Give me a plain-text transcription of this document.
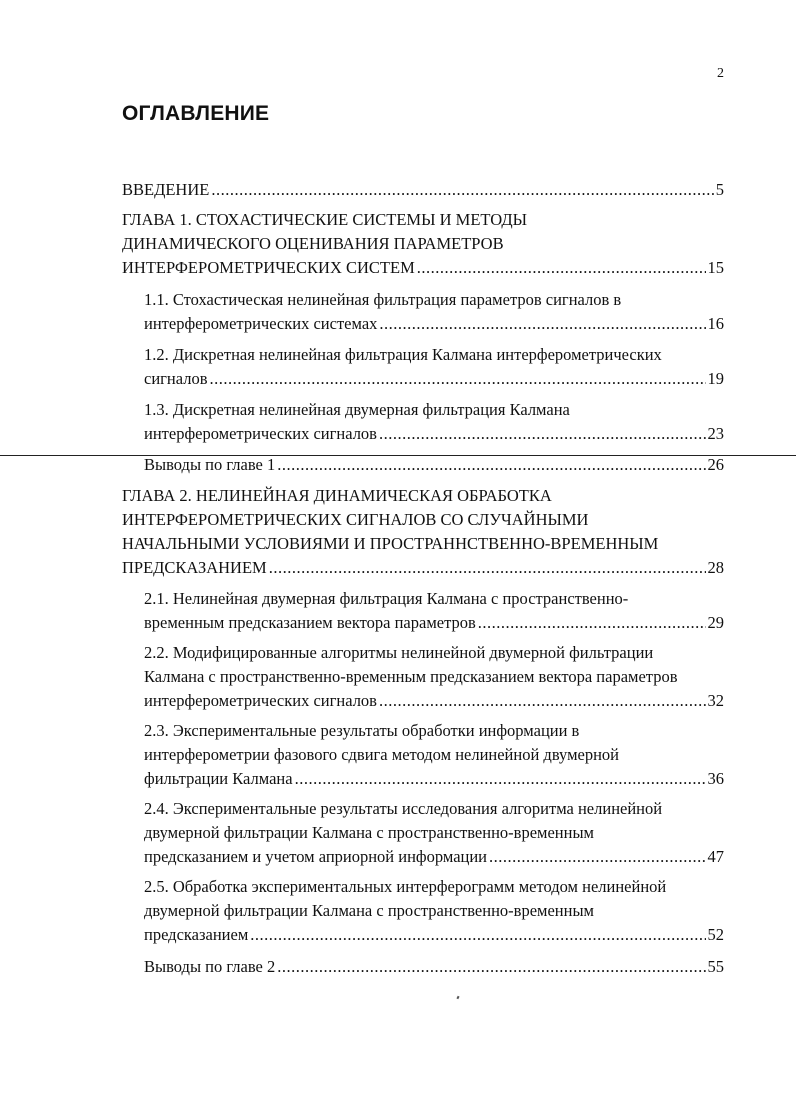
2
ОГЛАВЛЕНИЕ
ВВЕДЕНИЕ .....	5
ГЛАВА 1. СТОХАСТИЧЕСКИЕ СИСТЕМЫ И МЕТОДЫ
ДИНАМИЧЕСКОГО ОЦЕНИВАНИЯ ПАРАМЕТРОВ
ИНТЕРФЕРОМЕТРИЧЕСКИХ СИСТЕМ .....	15
1.1. Стохастическая нелинейная фильтрация параметров сигналов в
интерферометрических системах .....	16
1.2. Дискретная нелинейная фильтрация Калмана интерферометрических
сигналов .....	19
1.3. Дискретная нелинейная двумерная фильтрация Калмана
интерферометрических сигналов .....	23
Выводы по главе 1 .....	26
ГЛАВА 2. НЕЛИНЕЙНАЯ ДИНАМИЧЕСКАЯ ОБРАБОТКА
ИНТЕРФЕРОМЕТРИЧЕСКИХ СИГНАЛОВ СО СЛУЧАЙНЫМИ
НАЧАЛЬНЫМИ УСЛОВИЯМИ И ПРОСТРАННСТВЕННО-ВРЕМЕННЫМ
ПРЕДСКАЗАНИЕМ .....	28
2.1. Нелинейная двумерная фильтрация Калмана с пространственно-
временным предсказанием вектора параметров .....	29
2.2. Модифицированные алгоритмы нелинейной двумерной фильтрации
Калмана с пространственно-временным предсказанием вектора параметров
интерферометрических сигналов .....	32
2.3. Экспериментальные результаты обработки информации в
интерферометрии фазового сдвига методом нелинейной двумерной
фильтрации Калмана .....	36
2.4. Экспериментальные результаты исследования алгоритма нелинейной
двумерной фильтрации Калмана с пространственно-временным
предсказанием и учетом априорной информации .....	47
2.5. Обработка экспериментальных интерферограмм методом нелинейной
двумерной фильтрации Калмана с пространственно-временным
предсказанием .....	52
Выводы по главе 2 .....	55
